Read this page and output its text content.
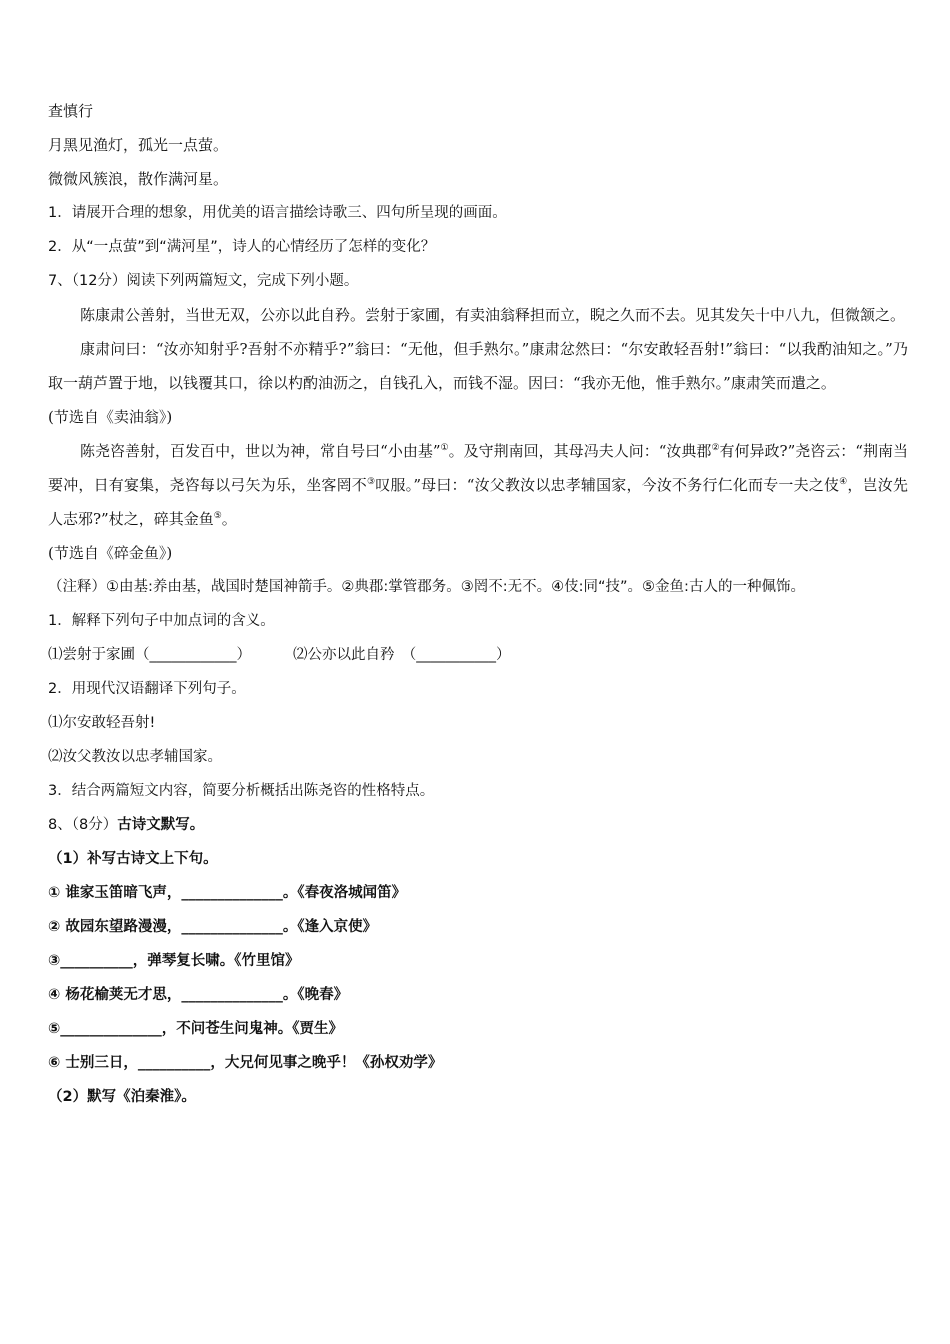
查慎行
月黑见渔灯，孤光一点萤。
微微风簇浪，散作满河星。
1．请展开合理的想象，用优美的语言描绘诗歌三、四句所呈现的画面。
2．从“一点萤”到“满河星”，诗人的心情经历了怎样的变化？
7、（12分）阅读下列两篇短文，完成下列小题。
陈康肃公善射，当世无双，公亦以此自矜。尝射于家圃，有卖油翁释担而立，睨之久而不去。见其发矢十中八九，但微颔之。
康肃问曰：“汝亦知射乎?吾射不亦精乎?”翁曰：“无他，但手熟尔。”康肃忿然曰：“尔安敢轻吾射!”翁曰：“以我酌油知之。”乃取一葫芦置于地，以钱覆其口，徐以杓酌油沥之，自钱孔入，而钱不湿。因曰：“我亦无他，惟手熟尔。”康肃笑而遣之。
(节选自《卖油翁》)
陈尧咨善射，百发百中，世以为神，常自号曰“小由基”①。及守荆南回，其母冯夫人问：“汝典郡②有何异政?”尧咨云：“荆南当要冲，日有宴集，尧咨每以弓矢为乐，坐客罔不③叹服。”母曰：“汝父教汝以忠孝辅国家，今汝不务行仁化而专一夫之伎④，岂汝先人志邪?”杖之，碎其金鱼⑤。
(节选自《碎金鱼》)
（注释）①由基:养由基，战国时楚国神箭手。②典郡:掌管郡务。③罔不:无不。④伎:同“技”。⑤金鱼:古人的一种佩饰。
1．解释下列句子中加点词的含义。
⑴尝射于家圃（____________）	⑵公亦以此自矜　（___________）
2．用现代汉语翻译下列句子。
⑴尔安敢轻吾射!
⑵汝父教汝以忠孝辅国家。
3．结合两篇短文内容，简要分析概括出陈尧咨的性格特点。
8、（8分）古诗文默写。
（1）补写古诗文上下句。
① 谁家玉笛暗飞声，______________。《春夜洛城闻笛》
② 故园东望路漫漫，______________。《逢入京使》
③__________，弹琴复长啸。《竹里馆》
④ 杨花榆荚无才思，______________。《晚春》
⑤______________，不问苍生问鬼神。《贾生》
⑥ 士别三日，__________，大兄何见事之晚乎！《孙权劝学》
（2）默写《泊秦淮》。
